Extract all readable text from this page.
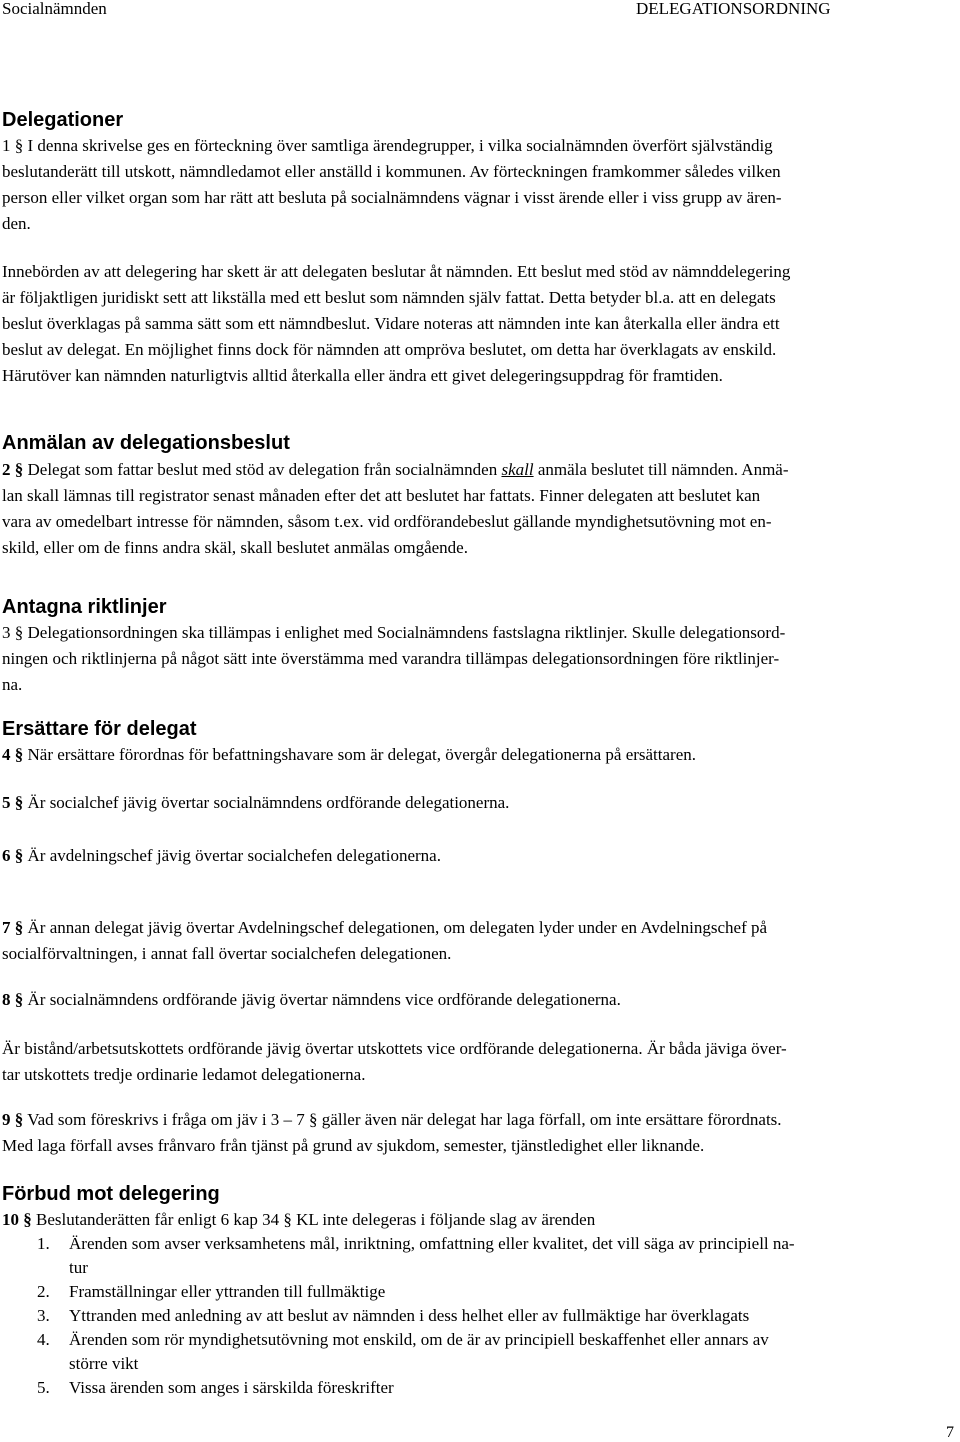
Socialnämnden	DELEGATIONSORDNING
Delegationer
1 § I denna skrivelse ges en förteckning över samtliga ärendegrupper, i vilka socialnämnden överfört självständig
beslutanderätt till utskott, nämndledamot eller anställd i kommunen. Av förteckningen framkommer således vilken
person eller vilket organ som har rätt att besluta på socialnämndens vägnar i visst ärende eller i viss grupp av ären-
den.
Innebörden av att delegering har skett är att delegaten beslutar åt nämnden. Ett beslut med stöd av nämnddelegering
är följaktligen juridiskt sett att likställa med ett beslut som nämnden själv fattat. Detta betyder bl.a. att en delegats
beslut överklagas på samma sätt som ett nämndbeslut. Vidare noteras att nämnden inte kan återkalla eller ändra ett
beslut av delegat. En möjlighet finns dock för nämnden att ompröva beslutet, om detta har överklagats av enskild.
Härutöver kan nämnden naturligtvis alltid återkalla eller ändra ett givet delegeringsuppdrag för framtiden.
Anmälan av delegationsbeslut
2 § Delegat som fattar beslut med stöd av delegation från socialnämnden skall anmäla beslutet till nämnden. Anmä-
lan skall lämnas till registrator senast månaden efter det att beslutet har fattats. Finner delegaten att beslutet kan
vara av omedelbart intresse för nämnden, såsom t.ex. vid ordförandebeslut gällande myndighetsutövning mot en-
skild, eller om de finns andra skäl, skall beslutet anmälas omgående.
Antagna riktlinjer
3 § Delegationsordningen ska tillämpas i enlighet med Socialnämndens fastslagna riktlinjer. Skulle delegationsord-
ningen och riktlinjerna på något sätt inte överstämma med varandra tillämpas delegationsordningen före riktlinjer-
na.
Ersättare för delegat
4 § När ersättare förordnas för befattningshavare som är delegat, övergår delegationerna på ersättaren.
5 § Är socialchef jävig övertar socialnämndens ordförande delegationerna.
6 § Är avdelningschef jävig övertar socialchefen delegationerna.
7 § Är annan delegat jävig övertar Avdelningschef delegationen, om delegaten lyder under en Avdelningschef på
socialförvaltningen, i annat fall övertar socialchefen delegationen.
8 § Är socialnämndens ordförande jävig övertar nämndens vice ordförande delegationerna.
Är bistånd/arbetsutskottets ordförande jävig övertar utskottets vice ordförande delegationerna. Är båda jäviga över-
tar utskottets tredje ordinarie ledamot delegationerna.
9 § Vad som föreskrivs i fråga om jäv i 3 – 7 § gäller även när delegat har laga förfall, om inte ersättare förordnats.
Med laga förfall avses frånvaro från tjänst på grund av sjukdom, semester, tjänstledighet eller liknande.
Förbud mot delegering
10 § Beslutanderätten får enligt 6 kap 34 § KL inte delegeras i följande slag av ärenden
1. Ärenden som avser verksamhetens mål, inriktning, omfattning eller kvalitet, det vill säga av principiell na-
tur
2. Framställningar eller yttranden till fullmäktige
3. Yttranden med anledning av att beslut av nämnden i dess helhet eller av fullmäktige har överklagats
4. Ärenden som rör myndighetsutövning mot enskild, om de är av principiell beskaffenhet eller annars av
större vikt
5. Vissa ärenden som anges i särskilda föreskrifter
7
